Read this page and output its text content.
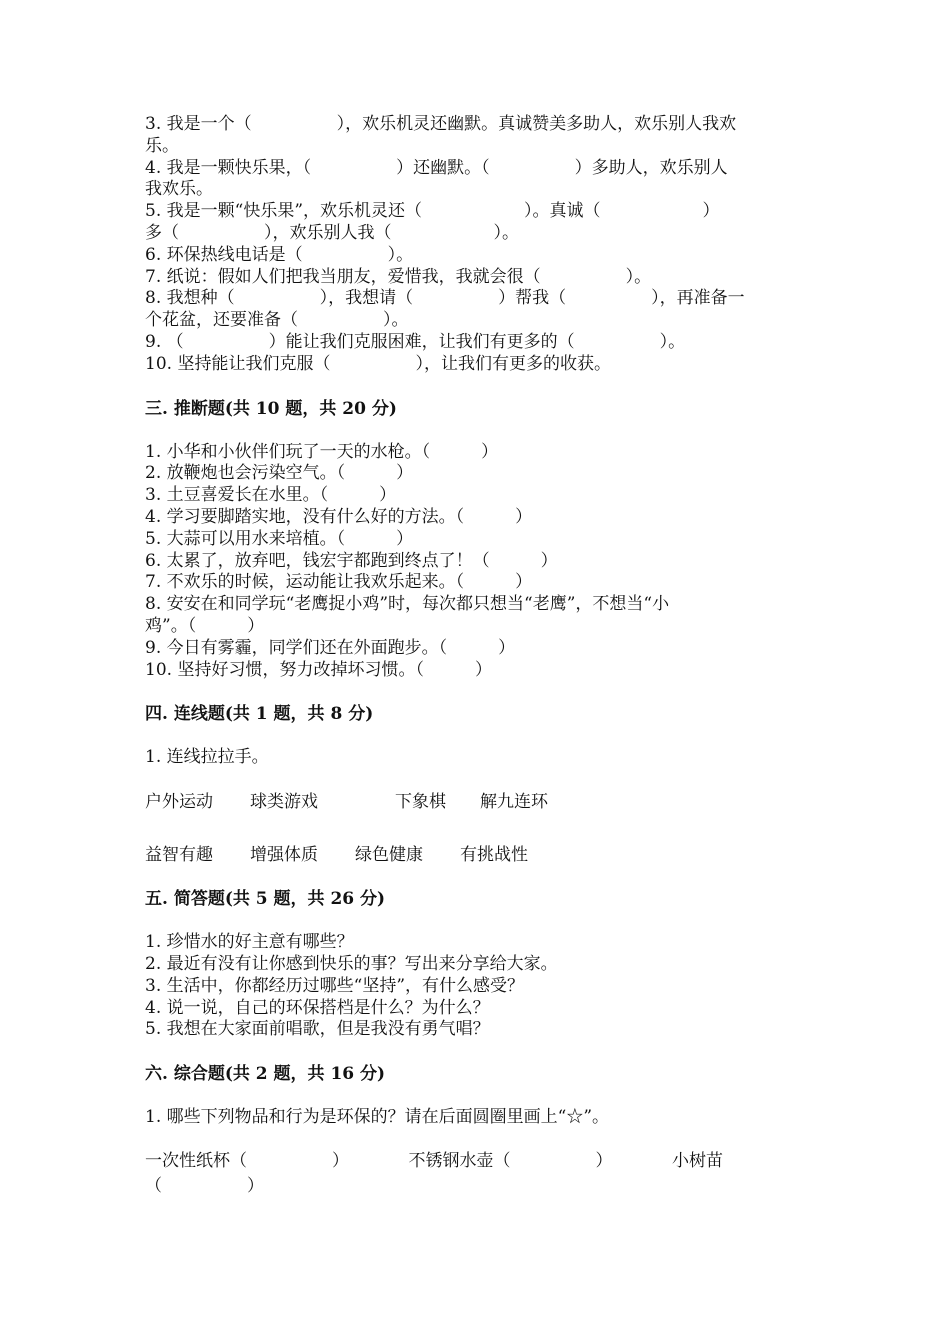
3. 我是一个（　　　　　），欢乐机灵还幽默。真诚赞美多助人，欢乐别人我欢

乐。

4. 我是一颗快乐果，（　　　　　）还幽默。（　　　　　）多助人，欢乐别人

我欢乐。

5. 我是一颗“快乐果”，欢乐机灵还（　　　　　　）。真诚（　　　　　　）

多（　　　　　），欢乐别人我（　　　　　　）。

6. 环保热线电话是（　　　　　）。

7. 纸说：假如人们把我当朋友，爱惜我，我就会很（　　　　　）。

8. 我想种（　　　　　），我想请（　　　　　）帮我（　　　　　），再准备一

个花盆，还要准备（　　　　　）。

9. （　　　　　）能让我们克服困难，让我们有更多的（　　　　　）。

10. 坚持能让我们克服（　　　　　），让我们有更多的收获。

三. 推断题(共 10 题，共 20 分)

1. 小华和小伙伴们玩了一天的水枪。（　　　）

2. 放鞭炮也会污染空气。（　　　）

3. 土豆喜爱长在水里。（　　　）

4. 学习要脚踏实地，没有什么好的方法。（　　　）

5. 大蒜可以用水来培植。（　　　）

6. 太累了，放弃吧，钱宏宇都跑到终点了！（　　　）

7. 不欢乐的时候，运动能让我欢乐起来。（　　　）

8. 安安在和同学玩“老鹰捉小鸡”时，每次都只想当“老鹰”，不想当“小

鸡”。（　　　）

9. 今日有雾霾，同学们还在外面跑步。（　　　）

10. 坚持好习惯，努力改掉坏习惯。（　　　）

四. 连线题(共 1 题，共 8 分)

1. 连线拉拉手。

户外运动	球类游戏	下象棋	解九连环
益智有趣	增强体质	绿色健康	有挑战性
五. 简答题(共 5 题，共 26 分)

1. 珍惜水的好主意有哪些？

2. 最近有没有让你感到快乐的事？写出来分享给大家。

3. 生活中，你都经历过哪些“坚持”，有什么感受？

4. 说一说，自己的环保搭档是什么？为什么？

5. 我想在大家面前唱歌，但是我没有勇气唱？

六. 综合题(共 2 题，共 16 分)

1. 哪些下列物品和行为是环保的？请在后面圆圈里画上“☆”。

一次性纸杯（　　　　　）　　　　不锈钢水壶（　　　　　）　　　　小树苗

（　　　　　）
